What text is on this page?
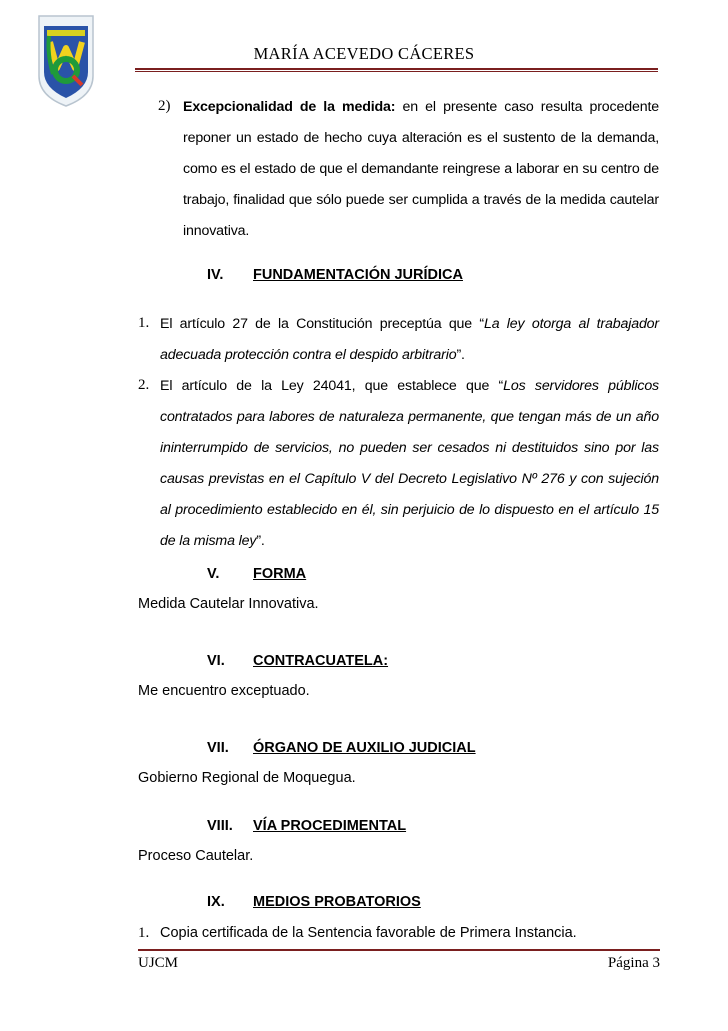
MARÍA ACEVEDO CÁCERES
2) Excepcionalidad de la medida: en el presente caso resulta procedente reponer un estado de hecho cuya alteración es el sustento de la demanda, como es el estado de que el demandante reingrese a laborar en su centro de trabajo, finalidad que sólo puede ser cumplida a través de la medida cautelar innovativa.
IV. FUNDAMENTACIÓN JURÍDICA
1. El artículo 27 de la Constitución preceptúa que “La ley otorga al trabajador adecuada protección contra el despido arbitrario”.
2. El artículo de la Ley 24041, que establece que “Los servidores públicos contratados para labores de naturaleza permanente, que tengan más de un año ininterrumpido de servicios, no pueden ser cesados ni destituidos sino por las causas previstas en el Capítulo V del Decreto Legislativo Nº 276 y con sujeción al procedimiento establecido en él, sin perjuicio de lo dispuesto en el artículo 15 de la misma ley”.
V. FORMA
Medida Cautelar Innovativa.
VI. CONTRACUATELA:
Me encuentro exceptuado.
VII. ÓRGANO DE AUXILIO JUDICIAL
Gobierno Regional de Moquegua.
VIII. VÍA PROCEDIMENTAL
Proceso Cautelar.
IX. MEDIOS PROBATORIOS
1. Copia certificada de la Sentencia favorable de Primera Instancia.
UJCM	Página 3
